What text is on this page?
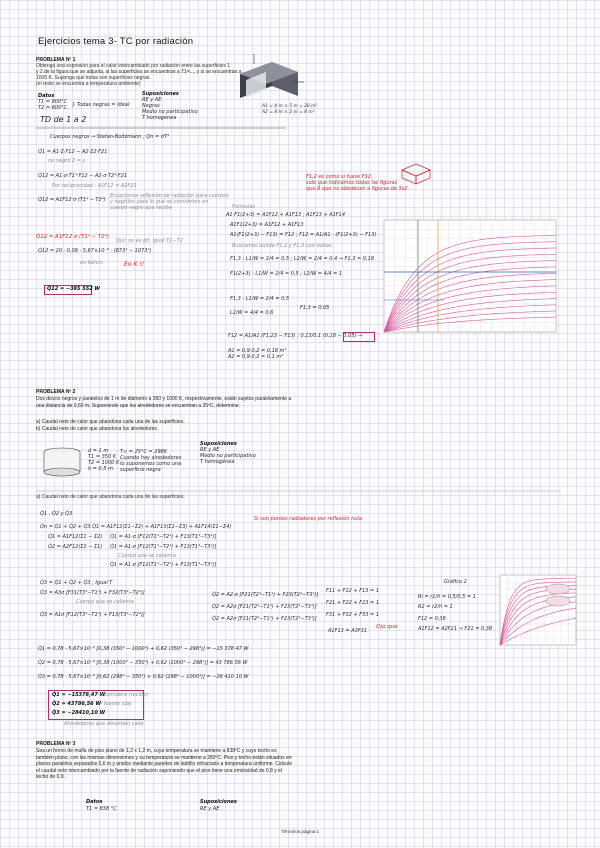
Ejercicios tema 3- TC por radiación
PROBLEMA Nº 1
Obtenga una expresión para el calor intercambiado por radiación entre las superficies 1
y 2 de la figura que se adjunta, si las superficies se encuentran a T1=..., y si se encuentran a
1000 K. Suponga que todas son superficies negras.
(el resto se encuentra a temperatura ambiente)
A1 = 4 m × 5 m = 20 m²
A2 = 4 m × 2 m = 8 m²
Datos
T1 = 800°C
T2 = 600°C } Todas negras = Ideal
Suposiciones
RE y AE
Negras
Medio no participativo
T homogénea
TD de 1 a 2
Cuerpos negros → Stefan-Boltzmann ; Qn = σT⁴
Q̇1 = A1·Σ·F12 − A2·Σ2·F21
no negro Σ = ε
Q̇12 = A1·σ·T1⁴·F12 − A2·σ·T2⁴·F21
Por reciprocidad : A1F12 = A2F21
Q̇12 = A1F12 σ (T1⁴ − T2⁴)
Ecuaciones reflexión de radiación para cuerpos
y negritos para lo que se convierten en
cuerpo negro que recibe
Q̇12 = A1F12 σ (T1⁴ − T2⁴)
Q̇12 = 20 · 0,09 · 5,67×10⁻⁸ · (873⁴ − 1073⁴)
Ojo! no es dif. igual T1−T2
en Kelvin	En K !!
Q̇12 = −385 552 W
F1,2 es como si fuese F12,
solo que indicamos todas las figuras
que Ŕ que no obedecen a figuras de 3x2
Fórmulas
A1·F1(2+3) = A1F12 + A1F13 ; A1F13 + A1F14
A1F1(2+3) = A1F12 + A1F13
A1(F1(2+3) − F13) = F12 ; F12 = A1/A1 · (F1(2+3) − F13)
Buscamos donde F1,2 y F1,3 con tablas
F1,3 : L1/W = 2/4 = 0,5 ; L2/W = 2/4 = 0,4 → F1,3 = 0,18
F1(2+3) : L1/W = 2/4 = 0,5 ; L2/W = 4/4 = 1
F1,3 : L1/W = 2/4 = 0,5
L2/W = 4/4 = 0,6
F1,3 = 0,05
F12 = A1/A1 (F1,23 − F13) ; 0,13/0,1 (0,18 − 0,05) →
A1 = 0,9·0,2 = 0,18 m²
A2 = 0,9·0,2 = 0,1 m²
PROBLEMA Nº 2
Dos discos negros y paralelos de 1 m de diámetro a 350 y 1000 K, respectivamente, están sujetos paralelamente a una distancia de 0,50 m. Suponiendo que los alrededores se encuentran a 25ºC, determine:
a) Caudal neto de calor que abandona cada una de las superficies.
b) Caudal neto de calor que abandona los alrededores.
d = 1 m
T1 = 350 K
T2 = 1000 K
h = 0,5 m
T∞ = 25°C = 298K
Cuando hay alrededores
lo suponemos como una
superficie negra
Suposiciones
RE y AE
Medio no participativo
T homogénea
a) Caudal neto de calor que abandona cada una de las superficies.
Q̇1 , Q̇2 y Q̇3
Q̇n = Q̇1 + Q̇2 + Q̇3 Q̇1 = A1F12(Σ1−Σ2) + A1F13(Σ1−Σ3) + A1F14(Σ1−Σ4)
Si son puntos radiadores por reflexión nula
Q̇1 = A1F12(Σ1 − Σ2) Q̇1 = A1·σ [F12(T1⁴−T2⁴) + F13(T1⁴−T3⁴)]
Q̇2 = A2F12(Σ2 − Σ1) Q̇1 = A1·σ [F12(T1⁴−T2⁴) + F13(T1⁴−T3⁴)]
Cuerpo que se calienta
Q̇1 = A1·σ [F12(T1⁴−T2⁴) + F13(T1⁴−T3⁴)]
Q̇3 = Q̇1 + Q̇2 + Q̇3 ; Igual T
Q̇3 = A3σ [F31(T3⁴−T1⁴) + F32(T3⁴−T2⁴)]
Cuerpo que se calienta
Q̇3 = A1σ [F12(T3⁴−T1⁴) + F13(T3⁴−T2⁴)]
Q̇2 = A2·σ [F21(T2⁴−T1⁴) + F23(T2⁴−T3⁴)]
Q̇2 = A2σ [F21(T2⁴−T1⁴) + F23(T2⁴−T3⁴)]
Q̇2 = A2σ [F21(T2⁴−T1⁴) + F23(T2⁴−T3⁴)]
F11 + F12 + F13 = 1
F21 + F22 + F23 = 1
F31 + F32 + F33 = 1
A1F13 = A3F31
Ojo que
Gráfico 2
Ri = r1/h = 0,5/0,5 = 1
R2 = r2/h = 1
F12 = 0,38
A1F12 = A2F21 → F21 = 0,38
Q̇1 = 0,78 · 5,67×10⁻⁸ [0,38 (350⁴ − 1000⁴) + 0,62 (350⁴ − 298⁴)] = −15 378 47 W
Q̇2 = 0,78 · 5,67×10⁻⁸ [0,38 (1000⁴ − 350⁴) + 0,62 (1000⁴ − 298⁴)] = 43 786 56 W
Q̇3 = 0,78 · 5,67×10⁻⁸ [0,62 (298⁴ − 350⁴) + 0,62 (298⁴ − 1000⁴)] = −28 410 10 W
Q̇1 = −15378,47 W
Q̇2 = 43786,56 W
Q̇3 = −28410,10 W
→ sumidero (recibe)
→ fuente (da)
Alrededores que absorben calor
PROBLEMA Nº 3
Sea un horno de mufla de piso plano de 1,2 x 1,2 m, cuya temperatura se mantiene a 838ºC y cuyo techo es también plano, con las mismas dimensiones y su temperatura se mantiene a 282ºC. Piso y techo están situados en planos paralelos separados 0,6 m y unidos mediante paredes de ladrillo refractario a temperatura uniforme. Calcule el caudal neto intercambiado por la fuente de radiación suponiendo que el piso tiene una emisividad de 0,8 y el techo de 0,9.
Datos
T1 = 838 °C
Suposiciones
RE y AE
Términos página 1
